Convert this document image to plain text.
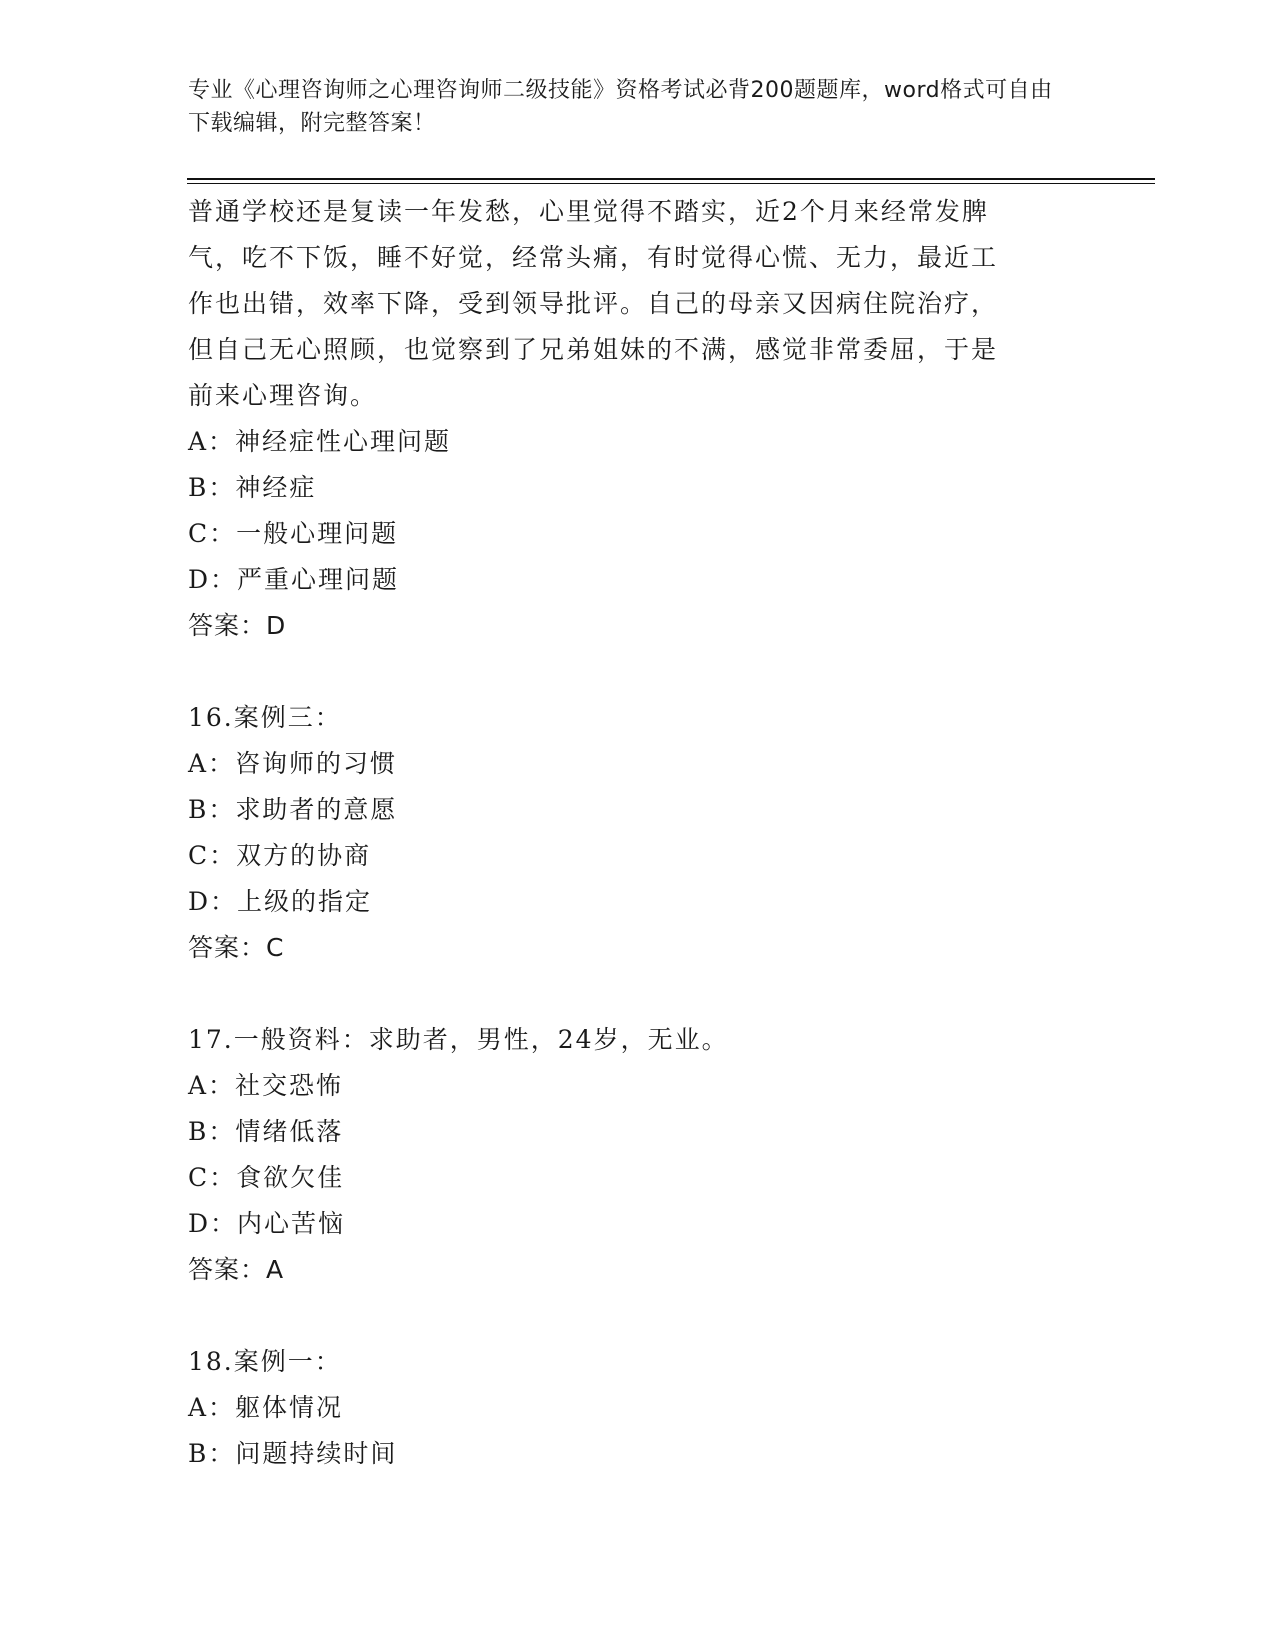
专业《心理咨询师之心理咨询师二级技能》资格考试必背200题题库，word格式可自由下载编辑，附完整答案！
普通学校还是复读一年发愁，心里觉得不踏实，近2个月来经常发脾
气，吃不下饭，睡不好觉，经常头痛，有时觉得心慌、无力，最近工
作也出错，效率下降，受到领导批评。自己的母亲又因病住院治疗，
但自己无心照顾，也觉察到了兄弟姐妹的不满，感觉非常委屈，于是
前来心理咨询。
A：神经症性心理问题
B：神经症
C：一般心理问题
D：严重心理问题
答案：D
16.案例三：
A：咨询师的习惯
B：求助者的意愿
C：双方的协商
D：上级的指定
答案：C
17.一般资料：求助者，男性，24岁，无业。
A：社交恐怖
B：情绪低落
C：食欲欠佳
D：内心苦恼
答案：A
18.案例一：
A：躯体情况
B：问题持续时间
